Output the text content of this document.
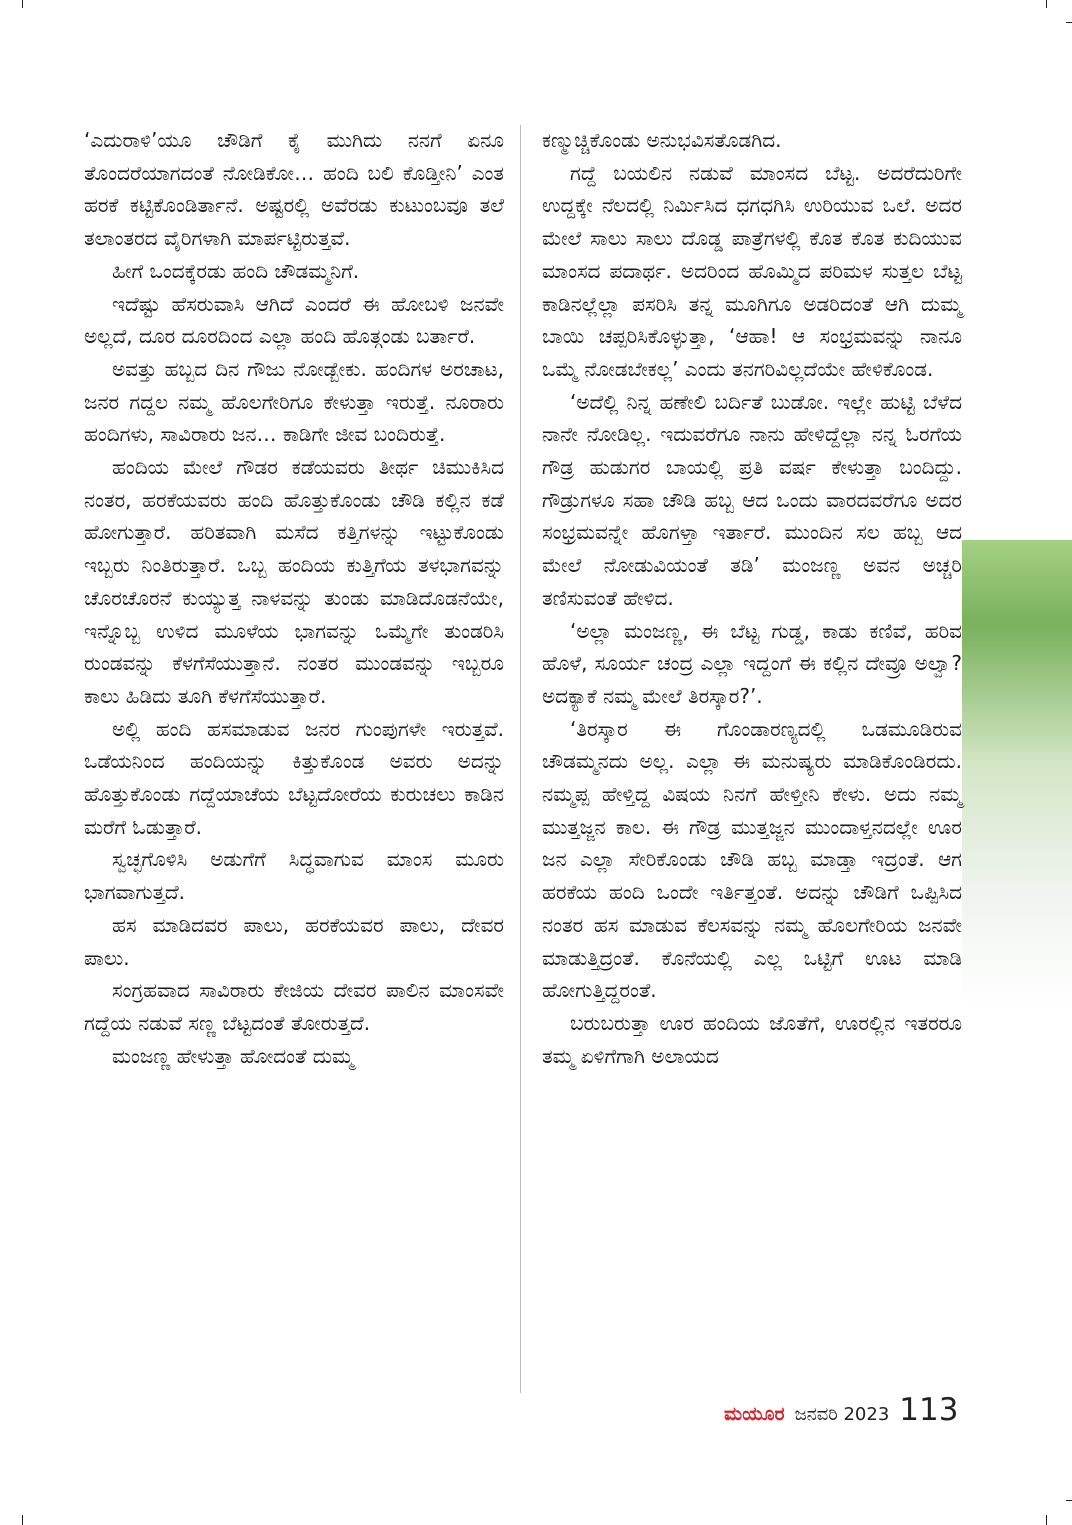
‘ಎದುರಾಳಿ’ಯೂ ಚೌಡಿಗೆ ಕೈ ಮುಗಿದು ನನಗೆ ಏನೂ ತೊಂದರೆಯಾಗದಂತೆ ನೋಡಿಕೋ… ಹಂದಿ ಬಲಿ ಕೊಡ್ತೀನಿ’ ಎಂತ ಹರಕೆ ಕಟ್ಟಿಕೊಂಡಿರ್ತಾನೆ. ಅಷ್ಟರಲ್ಲಿ ಅವೆರಡು ಕುಟುಂಬವೂ ತಲೆ ತಲಾಂತರದ ವೈರಿಗಳಾಗಿ ಮಾರ್ಪಟ್ಟಿರುತ್ತವೆ.

ಹೀಗೆ ಒಂದಕ್ಕೆರಡು ಹಂದಿ ಚೌಡಮ್ಮನಿಗೆ.

ಇದೆಷ್ಟು ಹೆಸರುವಾಸಿ ಆಗಿದೆ ಎಂದರೆ ಈ ಹೋಬಳಿ ಜನವೇ ಅಲ್ಲದೆ, ದೂರ ದೂರದಿಂದ ಎಲ್ಲಾ ಹಂದಿ ಹೊತ್ಗಂಡು ಬರ್ತಾರೆ.

ಅವತ್ತು ಹಬ್ಬದ ದಿನ ಗೌಜು ನೋಡ್ಬೇಕು. ಹಂದಿಗಳ ಅರಚಾಟ, ಜನರ ಗದ್ದಲ ನಮ್ಮ ಹೊಲಗೇರಿಗೂ ಕೇಳುತ್ತಾ ಇರುತ್ತೆ. ನೂರಾರು ಹಂದಿಗಳು, ಸಾವಿರಾರು ಜನ… ಕಾಡಿಗೇ ಜೀವ ಬಂದಿರುತ್ತೆ.

ಹಂದಿಯ ಮೇಲೆ ಗೌಡರ ಕಡೆಯವರು ತೀರ್ಥ ಚಿಮುಕಿಸಿದ ನಂತರ, ಹರಕೆಯವರು ಹಂದಿ ಹೊತ್ತುಕೊಂಡು ಚೌಡಿ ಕಲ್ಲಿನ ಕಡೆ ಹೋಗುತ್ತಾರೆ. ಹರಿತವಾಗಿ ಮಸೆದ ಕತ್ತಿಗಳನ್ನು ಇಟ್ಟುಕೊಂಡು ಇಬ್ಬರು ನಿಂತಿರುತ್ತಾರೆ. ಒಬ್ಬ ಹಂದಿಯ ಕುತ್ತಿಗೆಯ ತಳಭಾಗವನ್ನು ಚೊರಚೊರನೆ ಕುಯ್ಯುತ್ತ ನಾಳವನ್ನು ತುಂಡು ಮಾಡಿದೊಡನೆಯೇ, ಇನ್ನೊಬ್ಬ ಉಳಿದ ಮೂಳೆಯ ಭಾಗವನ್ನು ಒಮ್ಮೆಗೇ ತುಂಡರಿಸಿ ರುಂಡವನ್ನು ಕೆಳಗೆಸೆಯುತ್ತಾನೆ. ನಂತರ ಮುಂಡವನ್ನು ಇಬ್ಬರೂ ಕಾಲು ಹಿಡಿದು ತೂಗಿ ಕೆಳಗೆಸೆಯುತ್ತಾರೆ.

ಅಲ್ಲಿ ಹಂದಿ ಹಸಮಾಡುವ ಜನರ ಗುಂಪುಗಳೇ ಇರುತ್ತವೆ. ಒಡೆಯನಿಂದ ಹಂದಿಯನ್ನು ಕಿತ್ತುಕೊಂಡ ಅವರು ಅದನ್ನು ಹೊತ್ತುಕೊಂಡು ಗದ್ದೆಯಾಚೆಯ ಬೆಟ್ಟದೋರೆಯ ಕುರುಚಲು ಕಾಡಿನ ಮರೆಗೆ ಓಡುತ್ತಾರೆ.

ಸ್ವಚ್ಛಗೊಳಿಸಿ ಅಡುಗೆಗೆ ಸಿದ್ಧವಾಗುವ ಮಾಂಸ ಮೂರು ಭಾಗವಾಗುತ್ತದೆ.

ಹಸ ಮಾಡಿದವರ ಪಾಲು, ಹರಕೆಯವರ ಪಾಲು, ದೇವರ ಪಾಲು.

ಸಂಗ್ರಹವಾದ ಸಾವಿರಾರು ಕೇಜಿಯ ದೇವರ ಪಾಲಿನ ಮಾಂಸವೇ ಗದ್ದೆಯ ನಡುವೆ ಸಣ್ಣ ಬೆಟ್ಟದಂತೆ ತೋರುತ್ತದೆ.

ಮಂಜಣ್ಣ ಹೇಳುತ್ತಾ ಹೋದಂತೆ ದುಮ್ಮ

ಕಣ್ಮುಚ್ಚಿಕೊಂಡು ಅನುಭವಿಸತೊಡಗಿದ.

ಗದ್ದೆ ಬಯಲಿನ ನಡುವೆ ಮಾಂಸದ ಬೆಟ್ಟ. ಅದರೆದುರಿಗೇ ಉದ್ದಕ್ಕೇ ನೆಲದಲ್ಲಿ ನಿರ್ಮಿಸಿದ ಧಗಧಗಿಸಿ ಉರಿಯುವ ಒಲೆ. ಅದರ ಮೇಲೆ ಸಾಲು ಸಾಲು ದೊಡ್ಡ ಪಾತ್ರೆಗಳಲ್ಲಿ ಕೊತ ಕೊತ ಕುದಿಯುವ ಮಾಂಸದ ಪದಾರ್ಥ. ಅದರಿಂದ ಹೊಮ್ಮಿದ ಪರಿಮಳ ಸುತ್ತಲ ಬೆಟ್ಟ ಕಾಡಿನಲ್ಲೆಲ್ಲಾ ಪಸರಿಸಿ ತನ್ನ ಮೂಗಿಗೂ ಅಡರಿದಂತೆ ಆಗಿ ದುಮ್ಮ ಬಾಯಿ ಚಪ್ಪರಿಸಿಕೊಳ್ಳುತ್ತಾ, ‘ಆಹಾ! ಆ ಸಂಭ್ರಮವನ್ನು ನಾನೂ ಒಮ್ಮೆ ನೋಡಬೇಕಲ್ಲ’ ಎಂದು ತನಗರಿವಿಲ್ಲದೆಯೇ ಹೇಳಿಕೊಂಡ.

‘ಅದೆಲ್ಲಿ ನಿನ್ನ ಹಣೇಲಿ ಬರ್ದಿತೆ ಬುಡೋ. ಇಲ್ಲೇ ಹುಟ್ಟಿ ಬೆಳೆದ ನಾನೇ ನೋಡಿಲ್ಲ. ಇದುವರೆಗೂ ನಾನು ಹೇಳಿದ್ದೆಲ್ಲಾ ನನ್ನ ಓರಗೆಯ ಗೌಡ್ರ ಹುಡುಗರ ಬಾಯಲ್ಲಿ ಪ್ರತಿ ವರ್ಷ ಕೇಳುತ್ತಾ ಬಂದಿದ್ದು. ಗೌಡ್ರುಗಳೂ ಸಹಾ ಚೌಡಿ ಹಬ್ಬ ಆದ ಒಂದು ವಾರದವರೆಗೂ ಅದರ ಸಂಭ್ರಮವನ್ನೇ ಹೊಗಳ್ತಾ ಇರ್ತಾರೆ. ಮುಂದಿನ ಸಲ ಹಬ್ಬ ಆದ ಮೇಲೆ ನೋಡುವಿಯಂತೆ ತಡಿ’ ಮಂಜಣ್ಣ ಅವನ ಅಚ್ಚರಿ ತಣಿಸುವಂತೆ ಹೇಳಿದ.

‘ಅಲ್ಲಾ ಮಂಜಣ್ಣ, ಈ ಬೆಟ್ಟ ಗುಡ್ಡ, ಕಾಡು ಕಣಿವೆ, ಹರಿವ ಹೊಳೆ, ಸೂರ್ಯ ಚಂದ್ರ ಎಲ್ಲಾ ಇದ್ದಂಗೆ ಈ ಕಲ್ಲಿನ ದೇವ್ರೂ ಅಲ್ವಾ? ಅದಕ್ಯಾಕೆ ನಮ್ಮ ಮೇಲೆ ತಿರಸ್ಕಾರ?’.

‘ತಿರಸ್ಕಾರ ಈ ಗೊಂಡಾರಣ್ಯದಲ್ಲಿ ಒಡಮೂಡಿರುವ ಚೌಡಮ್ಮನದು ಅಲ್ಲ. ಎಲ್ಲಾ ಈ ಮನುಷ್ಯರು ಮಾಡಿಕೊಂಡಿರದು. ನಮ್ಮಪ್ಪ ಹೇಳ್ತಿದ್ದ ವಿಷಯ ನಿನಗೆ ಹೇಳ್ತೀನಿ ಕೇಳು. ಅದು ನಮ್ಮ ಮುತ್ತಜ್ಜನ ಕಾಲ. ಈ ಗೌಡ್ರ ಮುತ್ತಜ್ಜನ ಮುಂದಾಳ್ತನದಲ್ಲೇ ಊರ ಜನ ಎಲ್ಲಾ ಸೇರಿಕೊಂಡು ಚೌಡಿ ಹಬ್ಬ ಮಾಡ್ತಾ ಇದ್ರಂತೆ. ಆಗ ಹರಕೆಯ ಹಂದಿ ಒಂದೇ ಇರ್ತಿತ್ತಂತೆ. ಅದನ್ನು ಚೌಡಿಗೆ ಒಪ್ಪಿಸಿದ ನಂತರ ಹಸ ಮಾಡುವ ಕೆಲಸವನ್ನು ನಮ್ಮ ಹೊಲಗೇರಿಯ ಜನವೇ ಮಾಡುತ್ತಿದ್ರಂತೆ. ಕೊನೆಯಲ್ಲಿ ಎಲ್ಲ ಒಟ್ಟಿಗೆ ಊಟ ಮಾಡಿ ಹೋಗುತ್ತಿದ್ದರಂತೆ.

ಬರುಬರುತ್ತಾ ಊರ ಹಂದಿಯ ಜೊತೆಗೆ, ಊರಲ್ಲಿನ ಇತರರೂ ತಮ್ಮ ಏಳಿಗೆಗಾಗಿ ಅಲಾಯದ

ಮಯೂರ ಜನವರಿ 2023 113
